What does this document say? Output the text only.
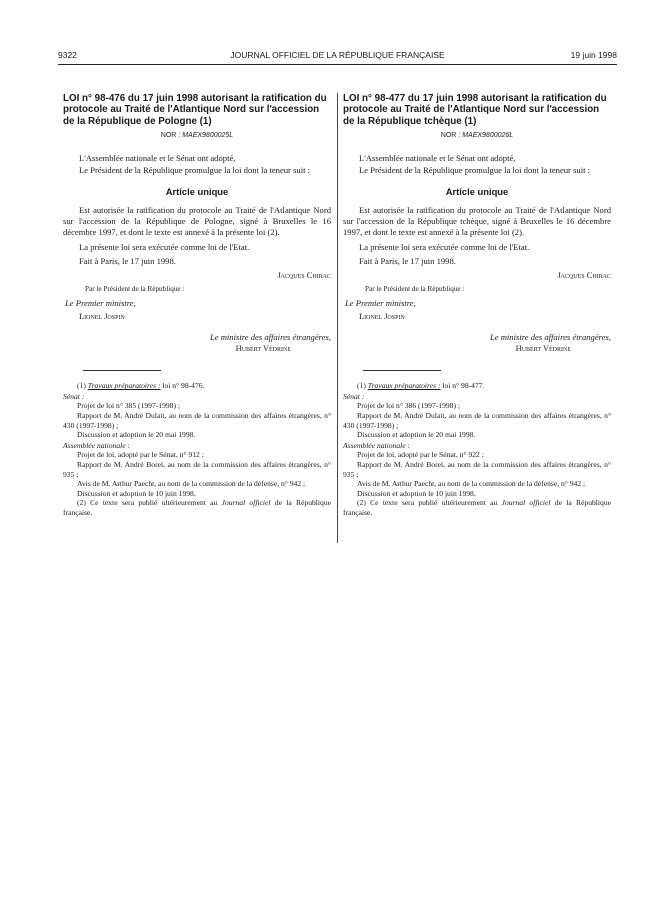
9322	JOURNAL OFFICIEL DE LA RÉPUBLIQUE FRANÇAISE	19 juin 1998

LOI n° 98-476 du 17 juin 1998 autorisant la ratification du protocole au Traité de l'Atlantique Nord sur l'accession de la République de Pologne (1)

NOR : MAEX9800025L

L'Assemblée nationale et le Sénat ont adopté,

Le Président de la République promulgue la loi dont la teneur suit :

Article unique

Est autorisée la ratification du protocole au Traité de l'Atlantique Nord sur l'accession de la République de Pologne, signé à Bruxelles le 16 décembre 1997, et dont le texte est annexé à la présente loi (2).

La présente loi sera exécutée comme loi de l'Etat.

Fait à Paris, le 17 juin 1998.

Jacques Chirac

Par le Président de la République :

Le Premier ministre,

Lionel Jospin

Le ministre des affaires étrangères,

Hubert Védrine

(1) Travaux préparatoires : loi n° 98-476.

Sénat :

Projet de loi n° 385 (1997-1998) ;

Rapport de M. André Dulait, au nom de la commission des affaires étrangères, n° 430 (1997-1998) ;

Discussion et adoption le 20 mai 1998.

Assemblée nationale :

Projet de loi, adopté par le Sénat, n° 912 ;

Rapport de M. André Borel, au nom de la commission des affaires étrangères, n° 935 ;

Avis de M. Arthur Paecht, au nom de la commission de la défense, n° 942 ;

Discussion et adoption le 10 juin 1998.

(2) Ce texte sera publié ultérieurement au Journal officiel de la République française.

LOI n° 98-477 du 17 juin 1998 autorisant la ratification du protocole au Traité de l'Atlantique Nord sur l'accession de la République tchèque (1)

NOR : MAEX9800026L

L'Assemblée nationale et le Sénat ont adopté,

Le Président de la République promulgue la loi dont la teneur suit :

Article unique

Est autorisée la ratification du protocole au Traité de l'Atlantique Nord sur l'accession de la République tchèque, signé à Bruxelles le 16 décembre 1997, et dont le texte est annexé à la présente loi (2).

La présente loi sera exécutée comme loi de l'Etat.

Fait à Paris, le 17 juin 1998.

Jacques Chirac

Par le Président de la République :

Le Premier ministre,

Lionel Jospin

Le ministre des affaires étrangères,

Hubert Védrine

(1) Travaux préparatoires : loi n° 98-477.

Sénat :

Projet de loi n° 386 (1997-1998) ;

Rapport de M. André Dulait, au nom de la commission des affaires étrangères, n° 430 (1997-1998) ;

Discussion et adoption le 20 mai 1998.

Assemblée nationale :

Projet de loi, adopté par le Sénat, n° 922 ;

Rapport de M. André Borel, au nom de la commission des affaires étrangères, n° 935 ;

Avis de M. Arthur Paecht, au nom de la commission de la défense, n° 942 ;

Discussion et adoption le 10 juin 1998.

(2) Ce texte sera publié ultérieurement au Journal officiel de la République française.
